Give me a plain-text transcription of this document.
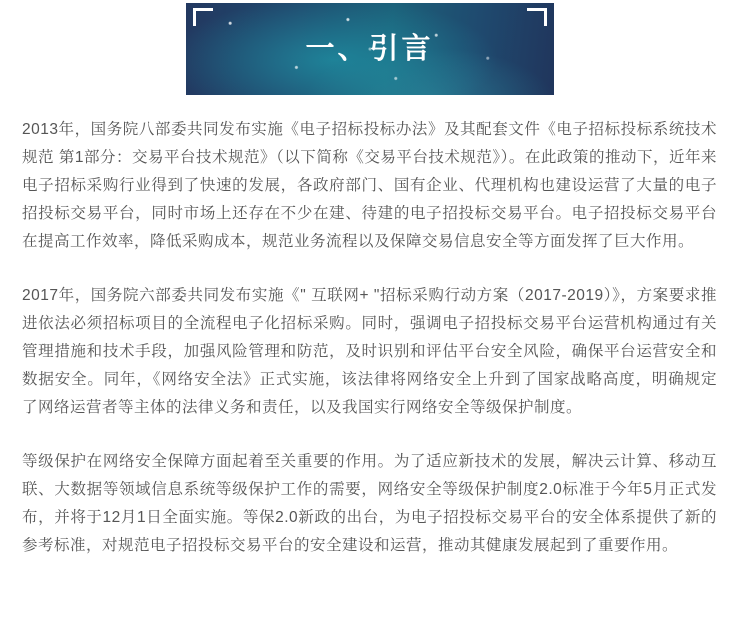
一、引言

2013年，国务院八部委共同发布实施《电子招标投标办法》及其配套文件《电子招标投标系统技术规范 第1部分：交易平台技术规范》（以下简称《交易平台技术规范》）。在此政策的推动下，近年来电子招标采购行业得到了快速的发展，各政府部门、国有企业、代理机构也建设运营了大量的电子招投标交易平台，同时市场上还存在不少在建、待建的电子招投标交易平台。电子招投标交易平台在提高工作效率，降低采购成本，规范业务流程以及保障交易信息安全等方面发挥了巨大作用。

2017年，国务院六部委共同发布实施《" 互联网+ "招标采购行动方案（2017-2019）》，方案要求推进依法必须招标项目的全流程电子化招标采购。同时，强调电子招投标交易平台运营机构通过有关管理措施和技术手段，加强风险管理和防范，及时识别和评估平台安全风险，确保平台运营安全和数据安全。同年，《网络安全法》正式实施，该法律将网络安全上升到了国家战略高度，明确规定了网络运营者等主体的法律义务和责任，以及我国实行网络安全等级保护制度。

等级保护在网络安全保障方面起着至关重要的作用。为了适应新技术的发展，解决云计算、移动互联、大数据等领域信息系统等级保护工作的需要，网络安全等级保护制度2.0标准于今年5月正式发布，并将于12月1日全面实施。等保2.0新政的出台，为电子招投标交易平台的安全体系提供了新的参考标准，对规范电子招投标交易平台的安全建设和运营，推动其健康发展起到了重要作用。
